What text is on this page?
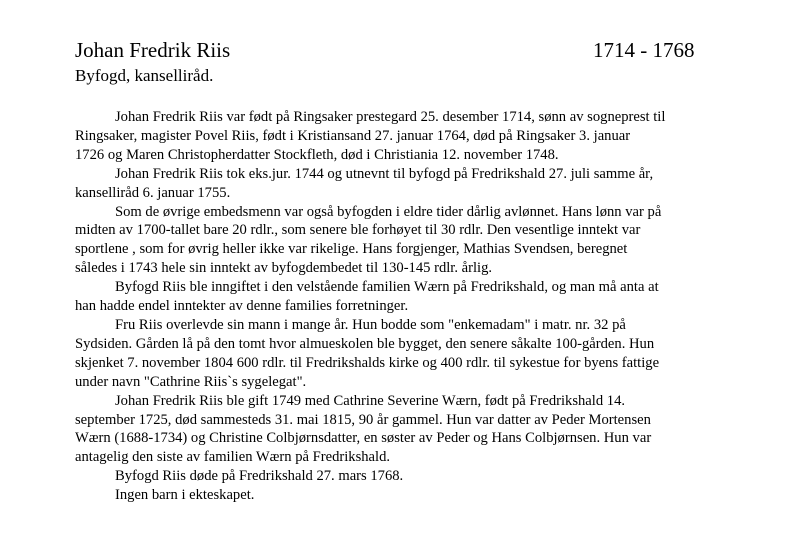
Johan Fredrik Riis	1714 - 1768
Byfogd, kanselliråd.
Johan Fredrik Riis var født på Ringsaker prestegard 25. desember 1714, sønn av sogneprest til
Ringsaker, magister Povel Riis, født i Kristiansand 27. januar 1764, død på Ringsaker 3. januar
1726 og Maren Christopherdatter Stockfleth, død i Christiania 12. november 1748.
Johan Fredrik Riis tok eks.jur. 1744 og utnevnt til byfogd på Fredrikshald 27. juli samme år,
kanselliråd 6. januar 1755.
Som de øvrige embedsmenn var også byfogden i eldre tider dårlig avlønnet. Hans lønn var på
midten av 1700-tallet bare 20 rdlr., som senere ble forhøyet til 30 rdlr. Den vesentlige inntekt var
sportlene , som for øvrig heller ikke var rikelige. Hans forgjenger, Mathias Svendsen, beregnet
således i 1743 hele sin inntekt av byfogdembedet til 130-145 rdlr. årlig.
Byfogd Riis ble inngiftet i den velstående familien Wærn på Fredrikshald, og man må anta at
han hadde endel inntekter av denne families forretninger.
Fru Riis overlevde sin mann i mange år. Hun bodde som "enkemadam" i matr. nr. 32 på
Sydsiden. Gården lå på den tomt hvor almueskolen ble bygget, den senere såkalte 100-gården. Hun
skjenket 7. november 1804 600 rdlr. til Fredrikshalds kirke og 400 rdlr. til sykestue for byens fattige
under navn "Cathrine Riis`s sygelegat".
Johan Fredrik Riis ble gift 1749 med Cathrine Severine Wærn, født på Fredrikshald 14.
september 1725, død sammesteds 31. mai 1815, 90 år gammel. Hun var datter av Peder Mortensen
Wærn (1688-1734) og Christine Colbjørnsdatter, en søster av Peder og Hans Colbjørnsen. Hun var
antagelig den siste av familien Wærn på Fredrikshald.
Byfogd Riis døde på Fredrikshald 27. mars 1768.
Ingen barn i ekteskapet.
